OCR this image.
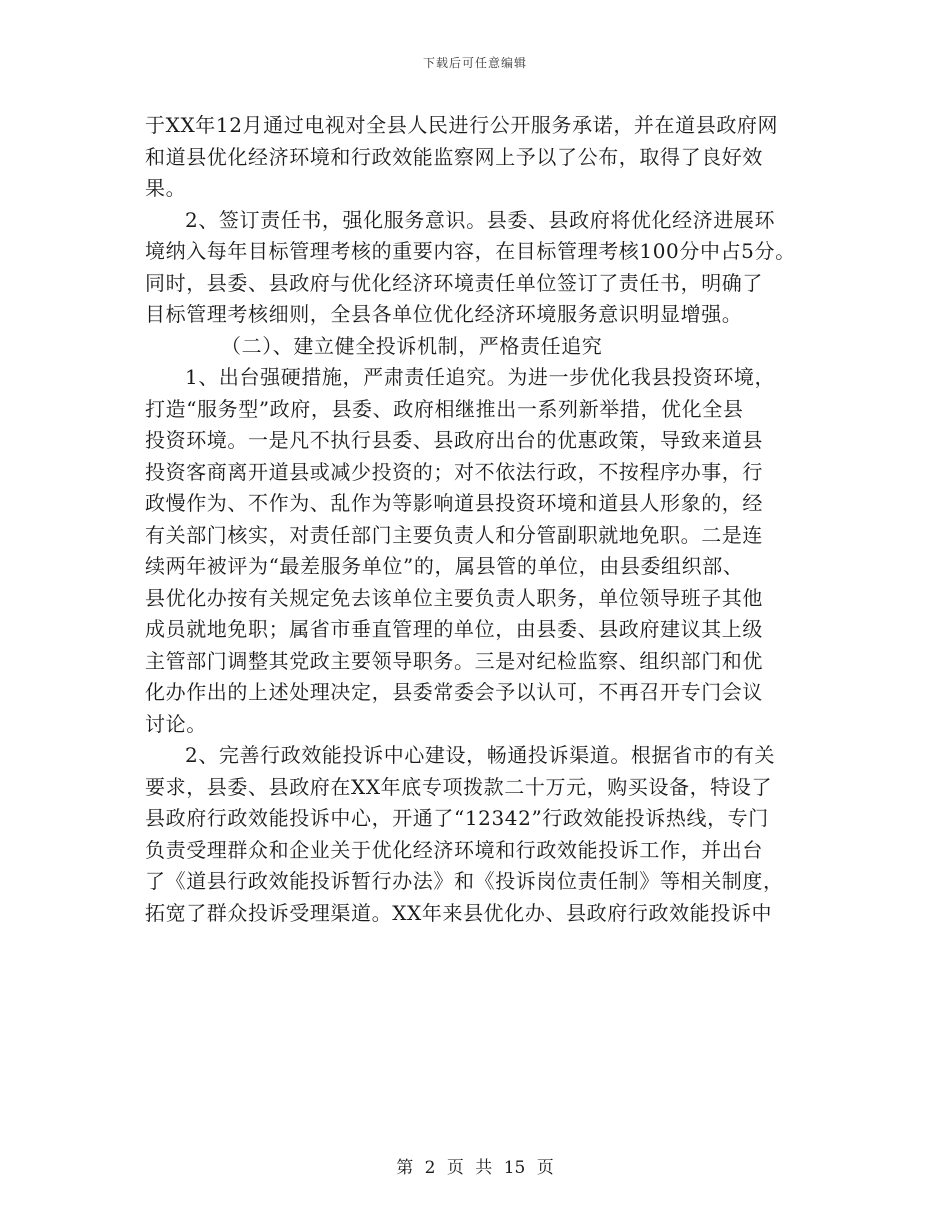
下载后可任意编辑
于XX年12月通过电视对全县人民进行公开服务承诺，并在道县政府网
和道县优化经济环境和行政效能监察网上予以了公布，取得了良好效
果。
2、签订责任书，强化服务意识。县委、县政府将优化经济进展环
境纳入每年目标管理考核的重要内容，在目标管理考核100分中占5分。
同时，县委、县政府与优化经济环境责任单位签订了责任书，明确了
目标管理考核细则，全县各单位优化经济环境服务意识明显增强。
（二）、建立健全投诉机制，严格责任追究
1、出台强硬措施，严肃责任追究。为进一步优化我县投资环境，
打造“服务型”政府，县委、政府相继推出一系列新举措，优化全县
投资环境。一是凡不执行县委、县政府出台的优惠政策，导致来道县
投资客商离开道县或减少投资的；对不依法行政，不按程序办事，行
政慢作为、不作为、乱作为等影响道县投资环境和道县人形象的，经
有关部门核实，对责任部门主要负责人和分管副职就地免职。二是连
续两年被评为“最差服务单位”的，属县管的单位，由县委组织部、
县优化办按有关规定免去该单位主要负责人职务，单位领导班子其他
成员就地免职；属省市垂直管理的单位，由县委、县政府建议其上级
主管部门调整其党政主要领导职务。三是对纪检监察、组织部门和优
化办作出的上述处理决定，县委常委会予以认可，不再召开专门会议
讨论。
2、完善行政效能投诉中心建设，畅通投诉渠道。根据省市的有关
要求，县委、县政府在XX年底专项拨款二十万元，购买设备，特设了
县政府行政效能投诉中心，开通了“12342”行政效能投诉热线，专门
负责受理群众和企业关于优化经济环境和行政效能投诉工作，并出台
了《道县行政效能投诉暂行办法》和《投诉岗位责任制》等相关制度，
拓宽了群众投诉受理渠道。XX年来县优化办、县政府行政效能投诉中
第 2 页 共 15 页
